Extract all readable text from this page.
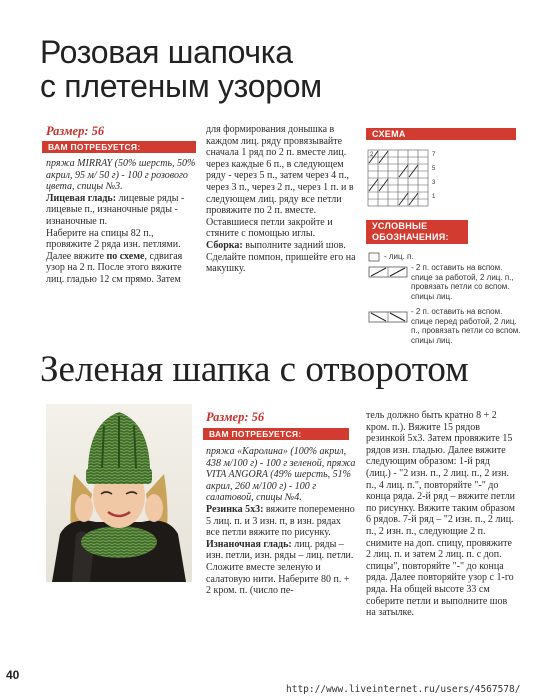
Розовая шапочка
с плетеным узором
Размер: 56
ВАМ ПОТРЕБУЕТСЯ:

пряжа MIRRAY (50% шерсть, 50% акрил, 95 м/ 50 г) - 100 г розового цвета, спицы №3.

Лицевая гладь: лицевые ряды - лицевые п., изнаночные ряды - изнаночные п.

Наберите на спицы 82 п., провяжите 2 ряда изн. петлями. Далее вяжите по схеме, сдвигая узор на 2 п. После этого вяжите лиц. гладью 12 см прямо. Затем

для формирования донышка в каждом лиц. ряду провязывайте сначала 1 ряд по 2 п. вместе лиц. через каждые 6 п., в следующем ряду - через 5 п., затем через 4 п., через 3 п., через 2 п., через 1 п. и в следующем лиц. ряду все петли провяжите по 2 п. вместе. Оставшиеся петли закройте и стяните с помощью иглы.

Сборка: выполните задний шов. Сделайте помпон, пришейте его на макушку.

СХЕМА
2	7
5
3
1
УСЛОВНЫЕ
ОБОЗНАЧЕНИЯ:
- лиц. п.
- 2 п. оставить на вспом. спице за работой, 2 лиц. п., провязать петли со вспом. спицы лиц.
- 2 п. оставить на вспом. спице перед работой, 2 лиц. п., провязать петли со вспом. спицы лиц.
Зеленая шапка с отворотом
Размер: 56
ВАМ ПОТРЕБУЕТСЯ:

пряжа «Каролина» (100% акрил, 438 м/100 г) - 100 г зеленой, пряжа VITA ANGORA (49% шерсть, 51% акрил, 260 м/100 г) - 100 г салатовой, спицы №4.

Резинка 5х3: вяжите попеременно 5 лиц. п. и 3 изн. п, в изн. рядах все петли вяжите по рисунку.

Изнаночная гладь: лиц. ряды – изн. петли, изн. ряды – лиц. петли.

Сложите вместе зеленую и салатовую нити. Наберите 80 п. + 2 кром. п. (число пе-

тель должно быть кратно 8 + 2 кром. п.). Вяжите 15 рядов резинкой 5х3. Затем провяжите 15 рядов изн. гладью. Далее вяжите следующим образом: 1-й ряд (лиц.) - "2 изн. п., 2 лиц. п., 2 изн. п., 4 лиц. п.", повторяйте "-" до конца ряда. 2-й ряд – вяжите петли по рисунку. Вяжите таким образом 6 рядов. 7-й ряд – "2 изн. п., 2 лиц. п., 2 изн. п., следующие 2 п. снимите на доп. спицу, провяжите 2 лиц. п. и затем 2 лиц. п. с доп. спицы", повторяйте "-" до конца ряда. Далее повторяйте узор с 1-го ряда. На общей высоте 33 см соберите петли и выполните шов на затылке.

40
http://www.liveinternet.ru/users/4567578/
